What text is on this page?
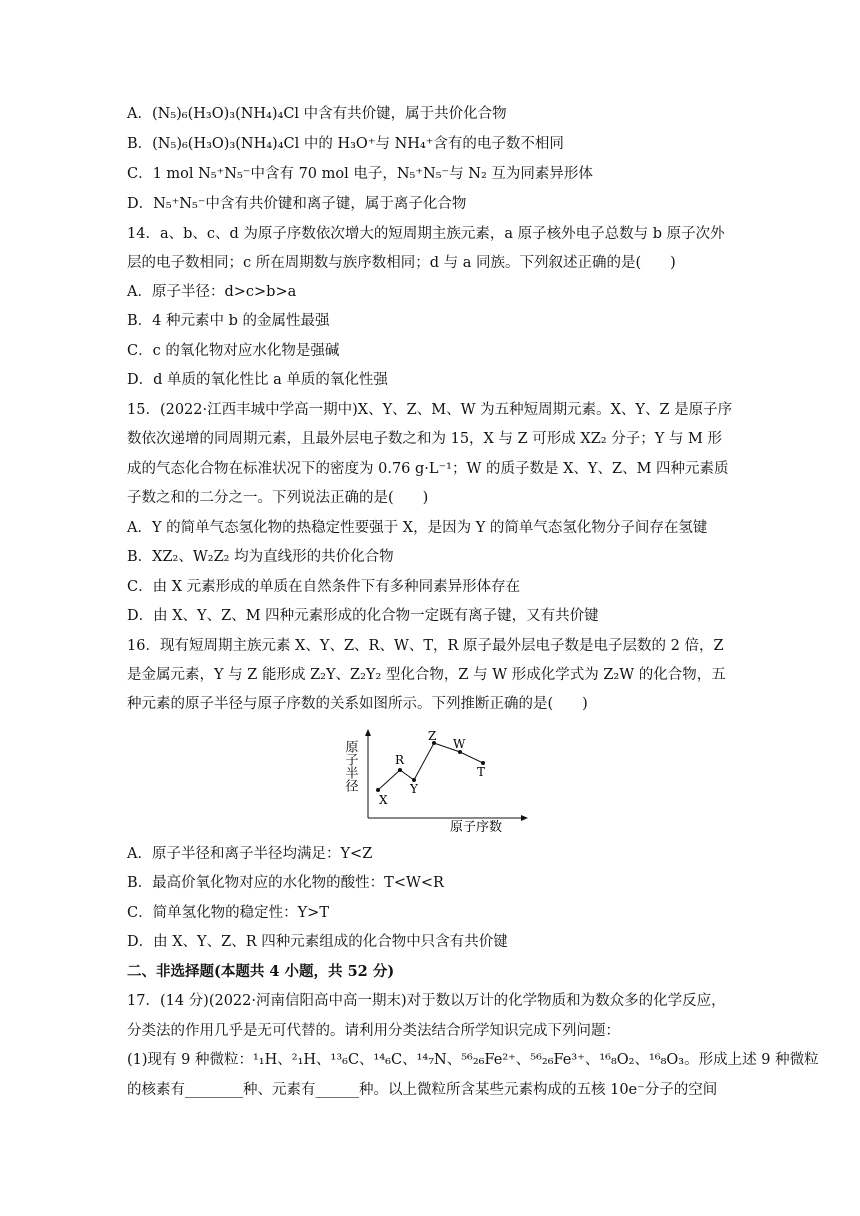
A．(N₅)₆(H₃O)₃(NH₄)₄Cl 中含有共价键，属于共价化合物
B．(N₅)₆(H₃O)₃(NH₄)₄Cl 中的 H₃O⁺与 NH₄⁺含有的电子数不相同
C．1 mol N₅⁺N₅⁻中含有 70 mol 电子，N₅⁺N₅⁻与 N₂ 互为同素异形体
D．N₅⁺N₅⁻中含有共价键和离子键，属于离子化合物
14．a、b、c、d 为原子序数依次增大的短周期主族元素，a 原子核外电子总数与 b 原子次外
层的电子数相同；c 所在周期数与族序数相同；d 与 a 同族。下列叙述正确的是(　　)
A．原子半径：d>c>b>a
B．4 种元素中 b 的金属性最强
C．c 的氧化物对应水化物是强碱
D．d 单质的氧化性比 a 单质的氧化性强
15．(2022·江西丰城中学高一期中)X、Y、Z、M、W 为五种短周期元素。X、Y、Z 是原子序
数依次递增的同周期元素，且最外层电子数之和为 15，X 与 Z 可形成 XZ₂ 分子；Y 与 M 形
成的气态化合物在标准状况下的密度为 0.76 g·L⁻¹；W 的质子数是 X、Y、Z、M 四种元素质
子数之和的二分之一。下列说法正确的是(　　)
A．Y 的简单气态氢化物的热稳定性要强于 X，是因为 Y 的简单气态氢化物分子间存在氢键
B．XZ₂、W₂Z₂ 均为直线形的共价化合物
C．由 X 元素形成的单质在自然条件下有多种同素异形体存在
D．由 X、Y、Z、M 四种元素形成的化合物一定既有离子键，又有共价键
16．现有短周期主族元素 X、Y、Z、R、W、T，R 原子最外层电子数是电子层数的 2 倍，Z
是金属元素，Y 与 Z 能形成 Z₂Y、Z₂Y₂ 型化合物，Z 与 W 形成化学式为 Z₂W 的化合物，五
种元素的原子半径与原子序数的关系如图所示。下列推断正确的是(　　)
原子半径
原子序数
X
R
Y
Z
W
T
A．原子半径和离子半径均满足：Y<Z
B．最高价氧化物对应的水化物的酸性：T<W<R
C．简单氢化物的稳定性：Y>T
D．由 X、Y、Z、R 四种元素组成的化合物中只含有共价键
二、非选择题(本题共 4 小题，共 52 分)
17．(14 分)(2022·河南信阳高中高一期末)对于数以万计的化学物质和为数众多的化学反应，
分类法的作用几乎是无可代替的。请利用分类法结合所学知识完成下列问题：
(1)现有 9 种微粒：¹₁H、²₁H、¹³₆C、¹⁴₆C、¹⁴₇N、⁵⁶₂₆Fe²⁺、⁵⁶₂₆Fe³⁺、¹⁶₈O₂、¹⁶₈O₃。形成上述 9 种微粒
的核素有________种、元素有______种。以上微粒所含某些元素构成的五核 10e⁻分子的空间
